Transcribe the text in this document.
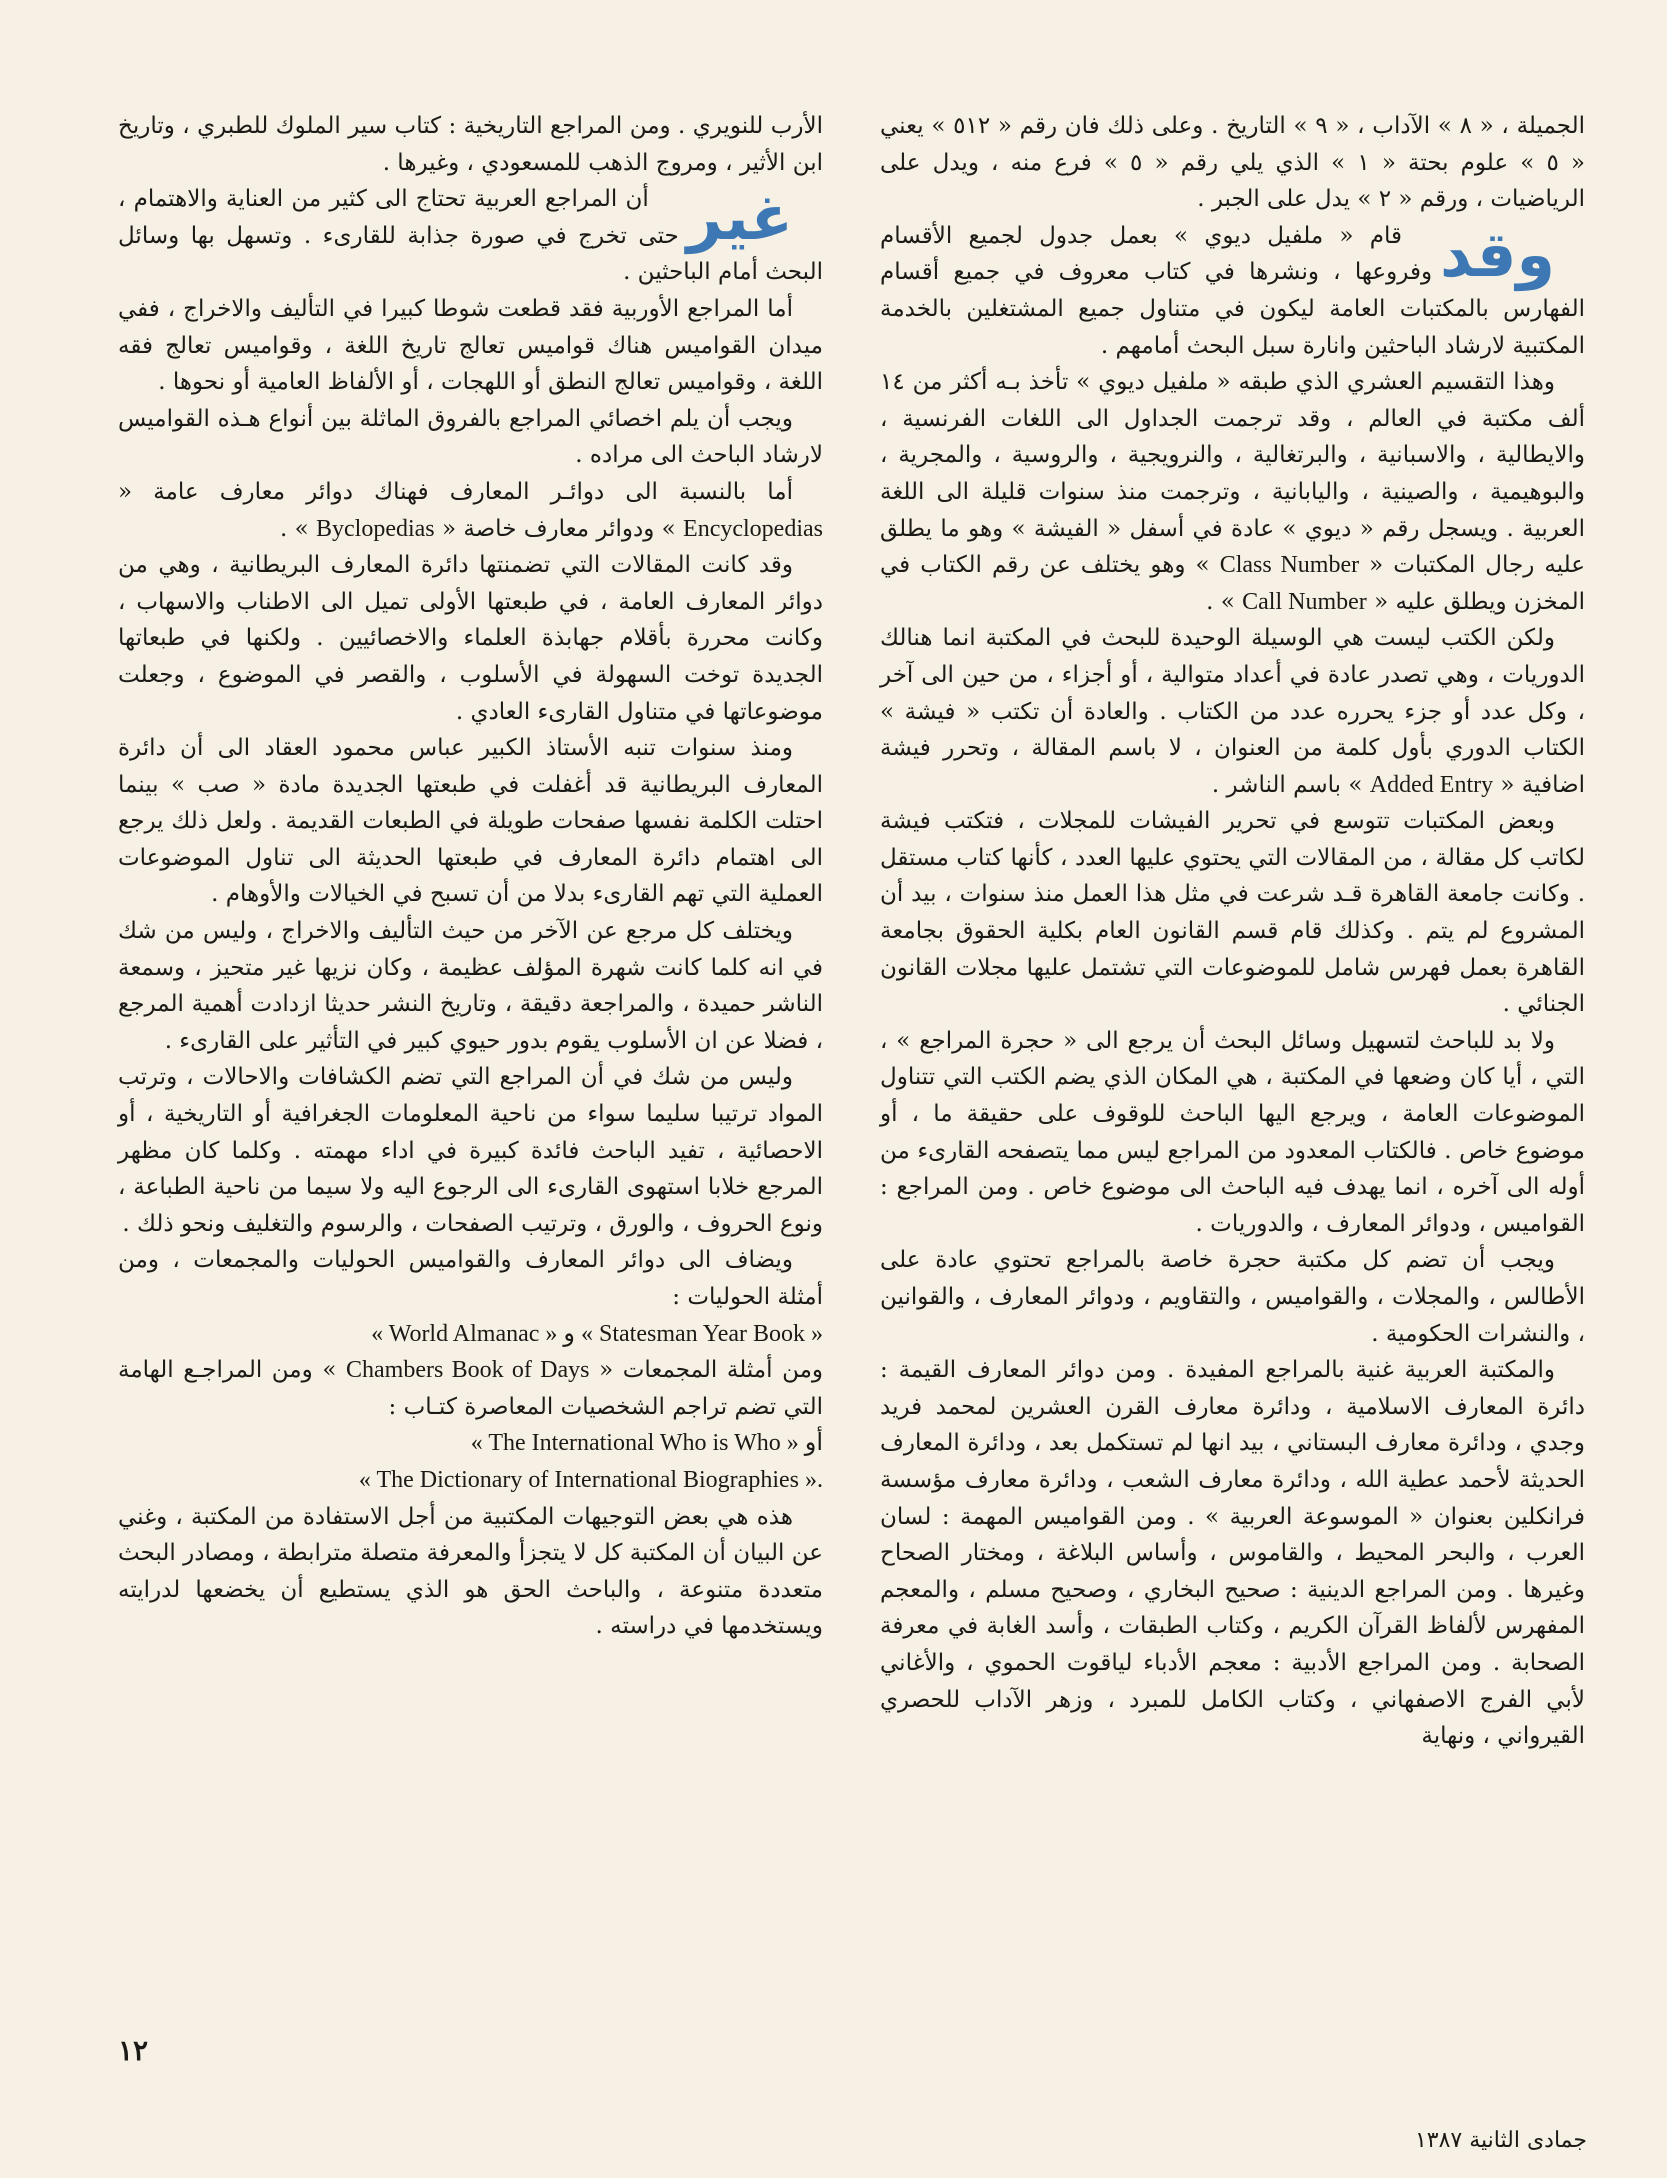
الجميلة ، « ٨ » الآداب ، « ٩ » التاريخ . وعلى ذلك فان رقم « ٥١٢ » يعني « ٥ » علوم بحتة « ١ » الذي يلي رقم « ٥ » فرع منه ، ويدل على الرياضيات ، ورقم « ٢ » يدل على الجبر .

وقد
قام « ملفيل ديوي » بعمل جدول لجميع الأقسام وفروعها ، ونشرها في كتاب معروف في جميع أقسام الفهارس بالمكتبات العامة ليكون في متناول جميع المشتغلين بالخدمة المكتبية لارشاد الباحثين وانارة سبل البحث أمامهم .

وهذا التقسيم العشري الذي طبقه « ملفيل ديوي » تأخذ بـه أكثر من ١٤ ألف مكتبة في العالم ، وقد ترجمت الجداول الى اللغات الفرنسية ، والايطالية ، والاسبانية ، والبرتغالية ، والنرويجية ، والروسية ، والمجرية ، والبوهيمية ، والصينية ، واليابانية ، وترجمت منذ سنوات قليلة الى اللغة العربية . ويسجل رقم « ديوي » عادة في أسفل « الفيشة » وهو ما يطلق عليه رجال المكتبات « Class Number » وهو يختلف عن رقم الكتاب في المخزن ويطلق عليه « Call Number » .

ولكن الكتب ليست هي الوسيلة الوحيدة للبحث في المكتبة انما هنالك الدوريات ، وهي تصدر عادة في أعداد متوالية ، أو أجزاء ، من حين الى آخر ، وكل عدد أو جزء يحرره عدد من الكتاب . والعادة أن تكتب « فيشة » الكتاب الدوري بأول كلمة من العنوان ، لا باسم المقالة ، وتحرر فيشة اضافية « Added Entry » باسم الناشر .

وبعض المكتبات تتوسع في تحرير الفيشات للمجلات ، فتكتب فيشة لكاتب كل مقالة ، من المقالات التي يحتوي عليها العدد ، كأنها كتاب مستقل . وكانت جامعة القاهرة قـد شرعت في مثل هذا العمل منذ سنوات ، بيد أن المشروع لم يتم . وكذلك قام قسم القانون العام بكلية الحقوق بجامعة القاهرة بعمل فهرس شامل للموضوعات التي تشتمل عليها مجلات القانون الجنائي .

ولا بد للباحث لتسهيل وسائل البحث أن يرجع الى « حجرة المراجع » ، التي ، أيا كان وضعها في المكتبة ، هي المكان الذي يضم الكتب التي تتناول الموضوعات العامة ، ويرجع اليها الباحث للوقوف على حقيقة ما ، أو موضوع خاص . فالكتاب المعدود من المراجع ليس مما يتصفحه القارىء من أوله الى آخره ، انما يهدف فيه الباحث الى موضوع خاص . ومن المراجع : القواميس ، ودوائر المعارف ، والدوريات .

ويجب أن تضم كل مكتبة حجرة خاصة بالمراجع تحتوي عادة على الأطالس ، والمجلات ، والقواميس ، والتقاويم ، ودوائر المعارف ، والقوانين ، والنشرات الحكومية .

والمكتبة العربية غنية بالمراجع المفيدة . ومن دوائر المعارف القيمة : دائرة المعارف الاسلامية ، ودائرة معارف القرن العشرين لمحمد فريد وجدي ، ودائرة معارف البستاني ، بيد انها لم تستكمل بعد ، ودائرة المعارف الحديثة لأحمد عطية الله ، ودائرة معارف الشعب ، ودائرة معارف مؤسسة فرانكلين بعنوان « الموسوعة العربية » . ومن القواميس المهمة : لسان العرب ، والبحر المحيط ، والقاموس ، وأساس البلاغة ، ومختار الصحاح وغيرها . ومن المراجع الدينية : صحيح البخاري ، وصحيح مسلم ، والمعجم المفهرس لألفاظ القرآن الكريم ، وكتاب الطبقات ، وأسد الغابة في معرفة الصحابة . ومن المراجع الأدبية : معجم الأدباء لياقوت الحموي ، والأغاني لأبي الفرج الاصفهاني ، وكتاب الكامل للمبرد ، وزهر الآداب للحصري القيرواني ، ونهاية

الأرب للنويري . ومن المراجع التاريخية : كتاب سير الملوك للطبري ، وتاريخ ابن الأثير ، ومروج الذهب للمسعودي ، وغيرها .

غير
أن المراجع العربية تحتاج الى كثير من العناية والاهتمام ، حتى تخرج في صورة جذابة للقارىء . وتسهل بها وسائل البحث أمام الباحثين .

أما المراجع الأوربية فقد قطعت شوطا كبيرا في التأليف والاخراج ، ففي ميدان القواميس هناك قواميس تعالج تاريخ اللغة ، وقواميس تعالج فقه اللغة ، وقواميس تعالج النطق أو اللهجات ، أو الألفاظ العامية أو نحوها .

ويجب أن يلم اخصائي المراجع بالفروق الماثلة بين أنواع هـذه القواميس لارشاد الباحث الى مراده .

أما بالنسبة الى دوائـر المعارف فهناك دوائر معارف عامة « Encyclopedias » ودوائر معارف خاصة « Byclopedias » .

وقد كانت المقالات التي تضمنتها دائرة المعارف البريطانية ، وهي من دوائر المعارف العامة ، في طبعتها الأولى تميل الى الاطناب والاسهاب ، وكانت محررة بأقلام جهابذة العلماء والاخصائيين . ولكنها في طبعاتها الجديدة توخت السهولة في الأسلوب ، والقصر في الموضوع ، وجعلت موضوعاتها في متناول القارىء العادي .

ومنذ سنوات تنبه الأستاذ الكبير عباس محمود العقاد الى أن دائرة المعارف البريطانية قد أغفلت في طبعتها الجديدة مادة « صب » بينما احتلت الكلمة نفسها صفحات طويلة في الطبعات القديمة . ولعل ذلك يرجع الى اهتمام دائرة المعارف في طبعتها الحديثة الى تناول الموضوعات العملية التي تهم القارىء بدلا من أن تسبح في الخيالات والأوهام .

ويختلف كل مرجع عن الآخر من حيث التأليف والاخراج ، وليس من شك في انه كلما كانت شهرة المؤلف عظيمة ، وكان نزيها غير متحيز ، وسمعة الناشر حميدة ، والمراجعة دقيقة ، وتاريخ النشر حديثا ازدادت أهمية المرجع ، فضلا عن ان الأسلوب يقوم بدور حيوي كبير في التأثير على القارىء .

وليس من شك في أن المراجع التي تضم الكشافات والاحالات ، وترتب المواد ترتيبا سليما سواء من ناحية المعلومات الجغرافية أو التاريخية ، أو الاحصائية ، تفيد الباحث فائدة كبيرة في اداء مهمته . وكلما كان مظهر المرجع خلابا استهوى القارىء الى الرجوع اليه ولا سيما من ناحية الطباعة ، ونوع الحروف ، والورق ، وترتيب الصفحات ، والرسوم والتغليف ونحو ذلك .

ويضاف الى دوائر المعارف والقواميس الحوليات والمجمعات ، ومن أمثلة الحوليات :

« World Almanac » و « Statesman Year Book »

ومن أمثلة المجمعات « Chambers Book of Days » ومن المراجـع الهامة التي تضم تراجم الشخصيات المعاصرة كتـاب :

« The International Who is Who » أو

« The Dictionary of International Biographies ».

هذه هي بعض التوجيهات المكتبية من أجل الاستفادة من المكتبة ، وغني عن البيان أن المكتبة كل لا يتجزأ والمعرفة متصلة مترابطة ، ومصادر البحث متعددة متنوعة ، والباحث الحق هو الذي يستطيع أن يخضعها لدرايته ويستخدمها في دراسته .

١٢
جمادى الثانية ١٣٨٧
